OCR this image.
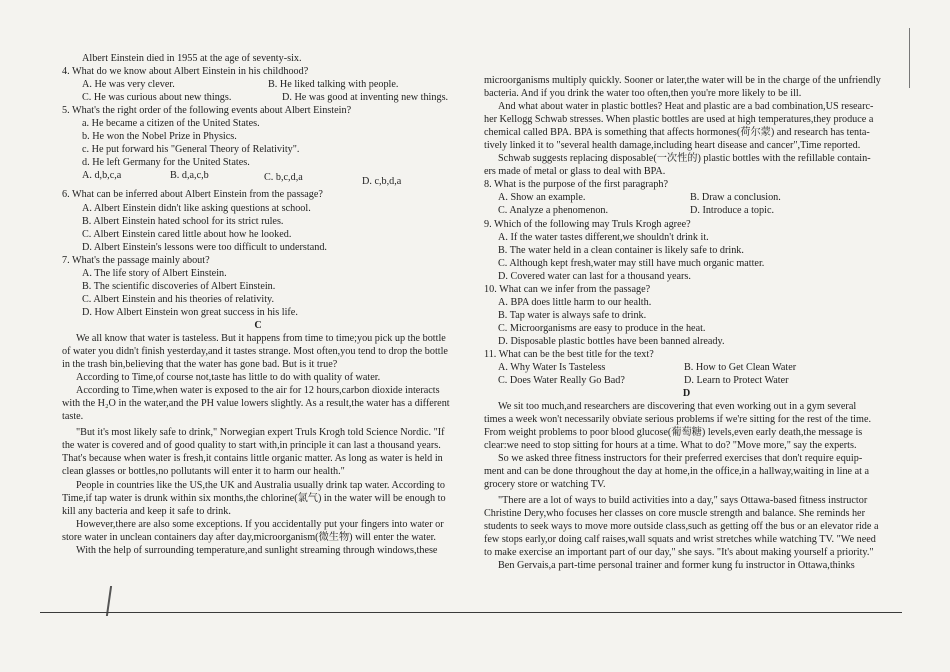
Albert Einstein died in 1955 at the age of seventy-six.
4. What do we know about Albert Einstein in his childhood?
A. He was very clever.	B. He liked talking with people.
C. He was curious about new things.	D. He was good at inventing new things.
5. What's the right order of the following events about Albert Einstein?
a. He became a citizen of the United States.
b. He won the Nobel Prize in Physics.
c. He put forward his "General Theory of Relativity".
d. He left Germany for the United States.
A. d,b,c,a	B. d,a,c,b	C. b,c,d,a	D. c,b,d,a
6. What can be inferred about Albert Einstein from the passage?
A. Albert Einstein didn't like asking questions at school.
B. Albert Einstein hated school for its strict rules.
C. Albert Einstein cared little about how he looked.
D. Albert Einstein's lessons were too difficult to understand.
7. What's the passage mainly about?
A. The life story of Albert Einstein.
B. The scientific discoveries of Albert Einstein.
C. Albert Einstein and his theories of relativity.
D. How Albert Einstein won great success in his life.
C
We all know that water is tasteless. But it happens from time to time;you pick up the bottle
of water you didn't finish yesterday,and it tastes strange. Most often,you tend to drop the bottle
in the trash bin,believing that the water has gone bad. But is it true?
According to Time,of course not,taste has little to do with quality of water.
According to Time,when water is exposed to the air for 12 hours,carbon dioxide interacts
with the H₂O in the water,and the PH value lowers slightly. As a result,the water has a different
taste.
"But it's most likely safe to drink," Norwegian expert Truls Krogh told Science Nordic. "If
the water is covered and of good quality to start with,in principle it can last a thousand years.
That's because when water is fresh,it contains little organic matter. As long as water is held in
clean glasses or bottles,no pollutants will enter it to harm our health."
People in countries like the US,the UK and Australia usually drink tap water. According to
Time,if tap water is drunk within six months,the chlorine(氯气) in the water will be enough to
kill any bacteria and keep it safe to drink.
However,there are also some exceptions. If you accidentally put your fingers into water or
store water in unclean containers day after day,microorganism(微生物) will enter the water.
With the help of surrounding temperature,and sunlight streaming through windows,these
microorganisms multiply quickly. Sooner or later,the water will be in the charge of the unfriendly
bacteria. And if you drink the water too often,then you're more likely to be ill.
And what about water in plastic bottles? Heat and plastic are a bad combination,US researc-
her Kellogg Schwab stresses. When plastic bottles are used at high temperatures,they produce a
chemical called BPA. BPA is something that affects hormones(荷尔蒙) and research has tenta-
tively linked it to "several health damage,including heart disease and cancer",Time reported.
Schwab suggests replacing disposable(一次性的) plastic bottles with the refillable contain-
ers made of metal or glass to deal with BPA.
8. What is the purpose of the first paragraph?
A. Show an example.	B. Draw a conclusion.
C. Analyze a phenomenon.	D. Introduce a topic.
9. Which of the following may Truls Krogh agree?
A. If the water tastes different,we shouldn't drink it.
B. The water held in a clean container is likely safe to drink.
C. Although kept fresh,water may still have much organic matter.
D. Covered water can last for a thousand years.
10. What can we infer from the passage?
A. BPA does little harm to our health.
B. Tap water is always safe to drink.
C. Microorganisms are easy to produce in the heat.
D. Disposable plastic bottles have been banned already.
11. What can be the best title for the text?
A. Why Water Is Tasteless	B. How to Get Clean Water
C. Does Water Really Go Bad?	D. Learn to Protect Water
D
We sit too much,and researchers are discovering that even working out in a gym several
times a week won't necessarily obviate serious problems if we're sitting for the rest of the time.
From weight problems to poor blood glucose(葡萄糖) levels,even early death,the message is
clear:we need to stop sitting for hours at a time. What to do? "Move more," say the experts.
So we asked three fitness instructors for their preferred exercises that don't require equip-
ment and can be done throughout the day at home,in the office,in a hallway,waiting in line at a
grocery store or watching TV.
"There are a lot of ways to build activities into a day," says Ottawa-based fitness instructor
Christine Dery,who focuses her classes on core muscle strength and balance. She reminds her
students to seek ways to move more outside class,such as getting off the bus or an elevator ride a
few stops early,or doing calf raises,wall squats and wrist stretches while watching TV. "We need
to make exercise an important part of our day," she says. "It's about making yourself a priority."
Ben Gervais,a part-time personal trainer and former kung fu instructor in Ottawa,thinks
